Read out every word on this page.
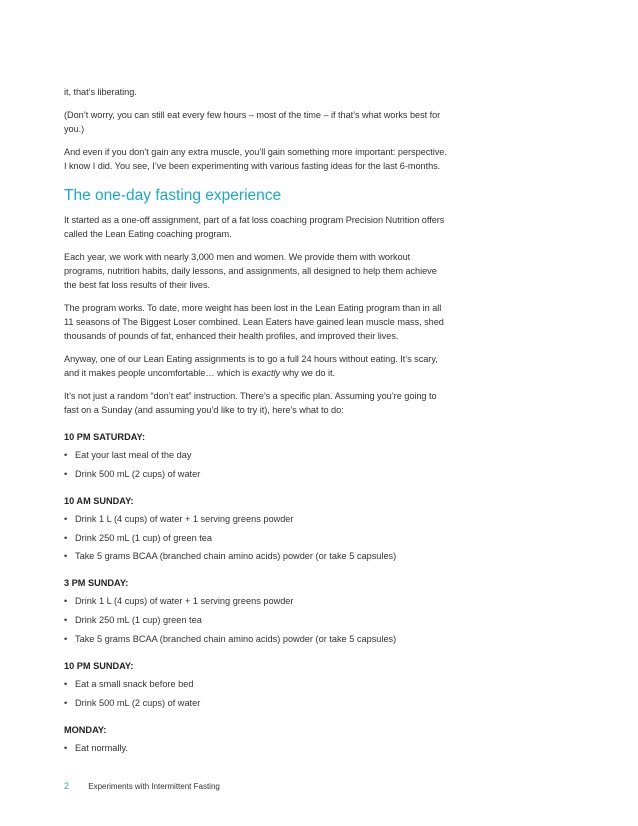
it, that’s liberating.

(Don’t worry, you can still eat every few hours – most of the time – if that’s what works best for you.)

And even if you don’t gain any extra muscle, you’ll gain something more important: perspective. I know I did. You see, I’ve been experimenting with various fasting ideas for the last 6-months.

The one-day fasting experience

It started as a one-off assignment, part of a fat loss coaching program Precision Nutrition offers called the Lean Eating coaching program.

Each year, we work with nearly 3,000 men and women. We provide them with workout programs, nutrition habits, daily lessons, and assignments, all designed to help them achieve the best fat loss results of their lives.

The program works. To date, more weight has been lost in the Lean Eating program than in all 11 seasons of The Biggest Loser combined. Lean Eaters have gained lean muscle mass, shed thousands of pounds of fat, enhanced their health profiles, and improved their lives.

Anyway, one of our Lean Eating assignments is to go a full 24 hours without eating. It’s scary, and it makes people uncomfortable… which is exactly why we do it.

It’s not just a random “don’t eat” instruction. There’s a specific plan. Assuming you’re going to fast on a Sunday (and assuming you’d like to try it), here’s what to do:

10 PM SATURDAY:
• Eat your last meal of the day
• Drink 500 mL (2 cups) of water
10 AM SUNDAY:
• Drink 1 L (4 cups) of water + 1 serving greens powder
• Drink 250 mL (1 cup) of green tea
• Take 5 grams BCAA (branched chain amino acids) powder (or take 5 capsules)
3 PM SUNDAY:
• Drink 1 L (4 cups) of water + 1 serving greens powder
• Drink 250 mL (1 cup) green tea
• Take 5 grams BCAA (branched chain amino acids) powder (or take 5 capsules)
10 PM SUNDAY:
• Eat a small snack before bed
• Drink 500 mL (2 cups) of water
MONDAY:
• Eat normally.
2 Experiments with Intermittent Fasting
